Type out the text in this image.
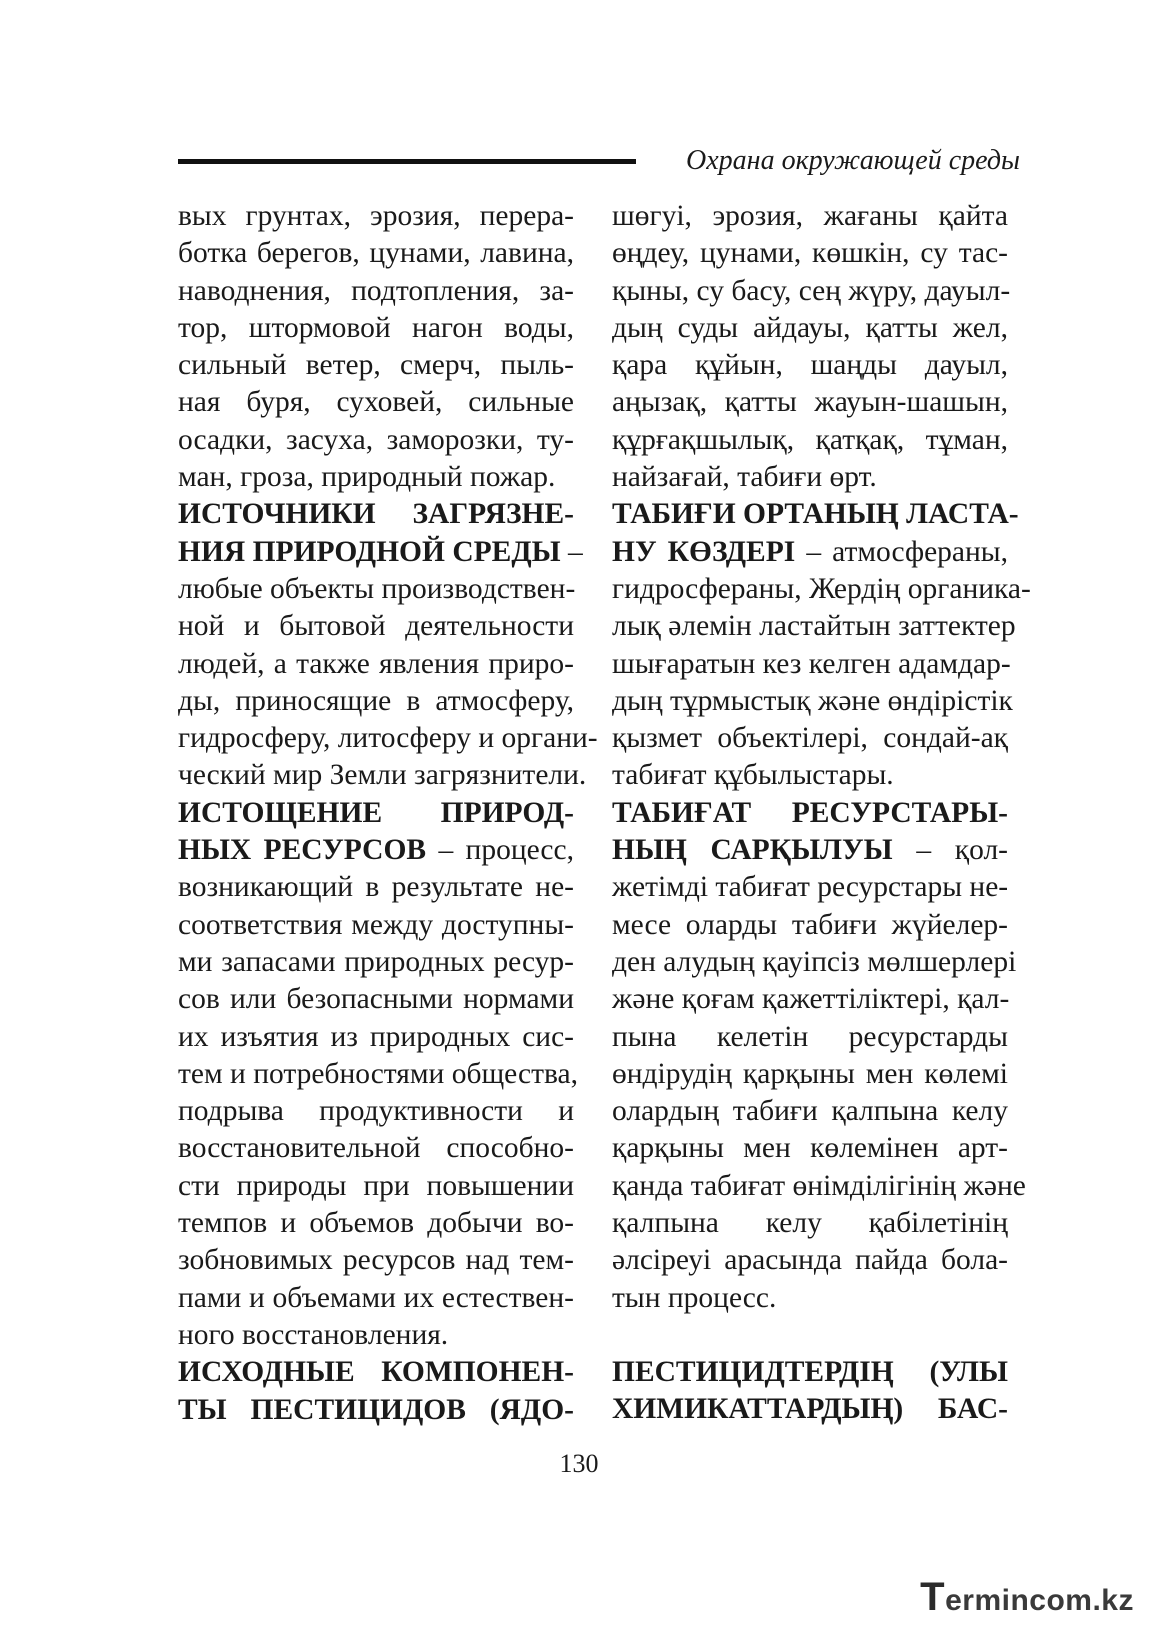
Охрана окружающей среды
вых грунтах, эрозия, перера-
ботка берегов, цунами, лавина,
наводнения, подтопления, за-
тор, штормовой нагон воды,
сильный ветер, смерч, пыль-
ная буря, суховей, сильные
осадки, засуха, заморозки, ту-
ман, гроза, природный пожар.
ИСТОЧНИКИ ЗАГРЯЗНЕ-
НИЯ ПРИРОДНОЙ СРЕДЫ –
любые объекты производствен-
ной и бытовой деятельности
людей, а также явления приро-
ды, приносящие в атмосферу,
гидросферу, литосферу и органи-
ческий мир Земли загрязнители.
ИСТОЩЕНИЕ ПРИРОД-
НЫХ РЕСУРСОВ – процесс,
возникающий в результате не-
соответствия между доступны-
ми запасами природных ресур-
сов или безопасными нормами
их изъятия из природных сис-
тем и потребностями общества,
подрыва продуктивности и
восстановительной способно-
сти природы при повышении
темпов и объемов добычи во-
зобновимых ресурсов над тем-
пами и объемами их естествен-
ного восстановления.
ИСХОДНЫЕ КОМПОНЕН-
ТЫ ПЕСТИЦИДОВ (ЯДО-
шөгуі, эрозия, жағаны қайта
өңдеу, цунами, көшкін, су тас-
қыны, су басу, сең жүру, дауыл-
дың суды айдауы, қатты жел,
қара құйын, шаңды дауыл,
аңызақ, қатты жауын-шашын,
құрғақшылық, қатқақ, тұман,
найзағай, табиғи өрт.
ТАБИҒИ ОРТАНЫҢ ЛАСТА-
НУ КӨЗДЕРІ – атмосфераны,
гидросфераны, Жердің органика-
лық әлемін ластайтын заттектер
шығаратын кез келген адамдар-
дың тұрмыстық және өндірістік
қызмет объектілері, сондай-ақ
табиғат құбылыстары.
ТАБИҒАТ РЕСУРСТАРЫ-
НЫҢ САРҚЫЛУЫ – қол-
жетімді табиғат ресурстары не-
месе оларды табиғи жүйелер-
ден алудың қауіпсіз мөлшерлері
және қоғам қажеттіліктері, қал-
пына келетін ресурстарды
өндірудің қарқыны мен көлемі
олардың табиғи қалпына келу
қарқыны мен көлемінен арт-
қанда табиғат өнімділігінің және
қалпына келу қабілетінің
әлсіреуі арасында пайда бола-
тын процесс.

ПЕСТИЦИДТЕРДІҢ (УЛЫ
ХИМИКАТТАРДЫҢ) БАС-
130
Termincom.kz
